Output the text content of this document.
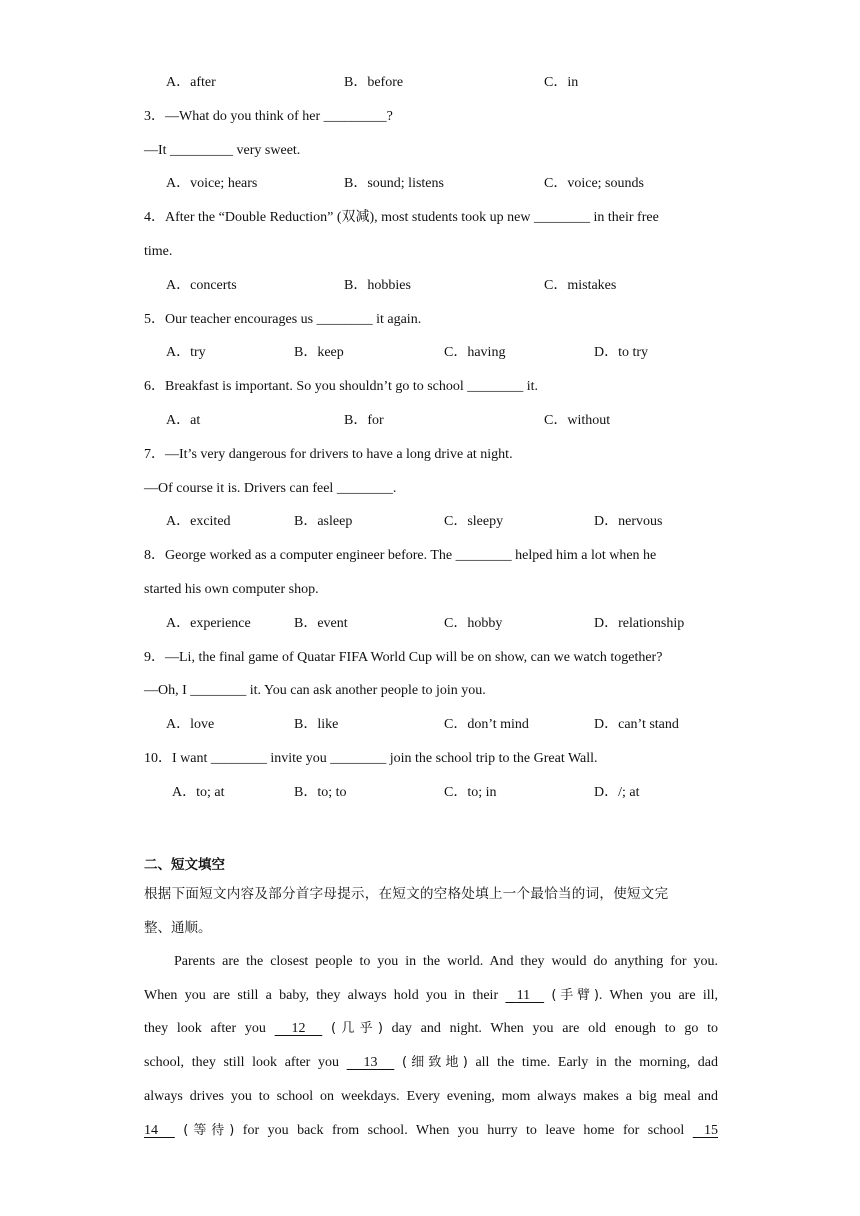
A．after	B．before	C．in
3．—What do you think of her _________?
—It _________ very sweet.
A．voice; hears	B．sound; listens	C．voice; sounds
4．After the “Double Reduction” (双减), most students took up new ________ in their free
time.
A．concerts	B．hobbies	C．mistakes
5．Our teacher encourages us ________ it again.
A．try	B．keep	C．having	D．to try
6．Breakfast is important. So you shouldn’t go to school ________ it.
A．at	B．for	C．without
7．—It’s very dangerous for drivers to have a long drive at night.
—Of course it is. Drivers can feel ________.
A．excited	B．asleep	C．sleepy	D．nervous
8．George worked as a computer engineer before. The ________ helped him a lot when he
started his own computer shop.
A．experience	B．event	C．hobby	D．relationship
9．—Li, the final game of Quatar FIFA World Cup will be on show, can we watch together?
—Oh, I ________ it. You can ask another people to join you.
A．love	B．like	C．don’t mind	D．can’t stand
10．I want ________ invite you ________ join the school trip to the Great Wall.
A．to; at	B．to; to	C．to; in	D．/; at
二、短文填空
根据下面短文内容及部分首字母提示，在短文的空格处填上一个最恰当的词，使短文完
整、通顺。
Parents are the closest people to you in the world. And they would do anything for you.
When you are still a baby, they always hold you in their     11      (手臂). When you are ill,
they look after you       12       (几乎) day and night. When you are old enough to go to
school, they still look after you       13       (细致地) all the time. Early in the morning, dad
always drives you to school on weekdays. Every evening, mom always makes a big meal and
14       (等待) for you back from school. When you hurry to leave home for school     15
